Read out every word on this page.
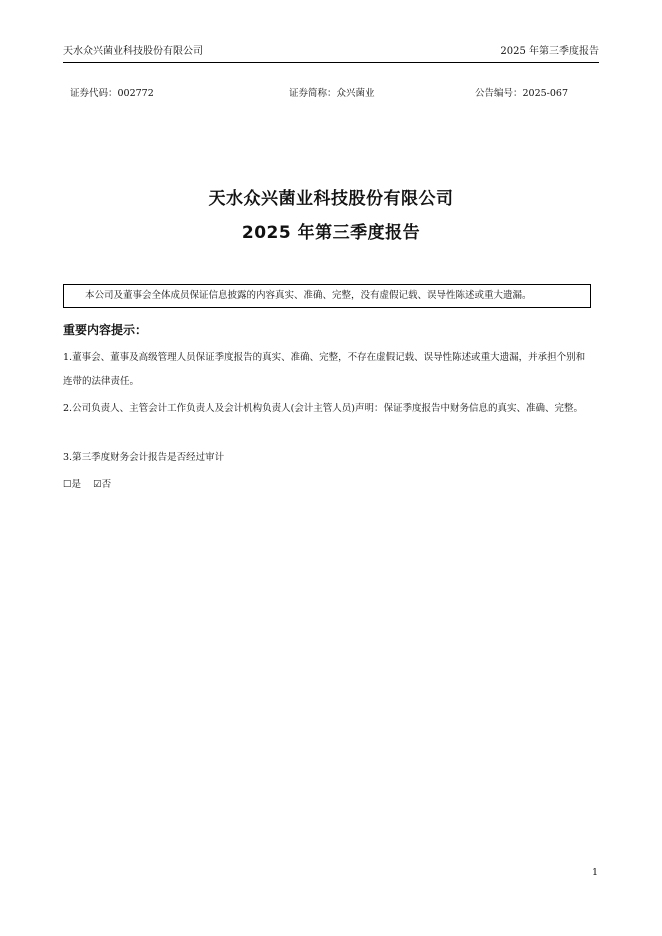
天水众兴菌业科技股份有限公司	2025 年第三季度报告
证券代码：002772	证券简称：众兴菌业	公告编号：2025-067
天水众兴菌业科技股份有限公司
2025 年第三季度报告
本公司及董事会全体成员保证信息披露的内容真实、准确、完整，没有虚假记载、误导性陈述或重大遗漏。
重要内容提示：
1.董事会、董事及高级管理人员保证季度报告的真实、准确、完整，不存在虚假记载、误导性陈述或重大遗漏，并承担个别和连带的法律责任。
2.公司负责人、主管会计工作负责人及会计机构负责人(会计主管人员)声明：保证季度报告中财务信息的真实、准确、完整。
3.第三季度财务会计报告是否经过审计
☐是 ☑否
1
